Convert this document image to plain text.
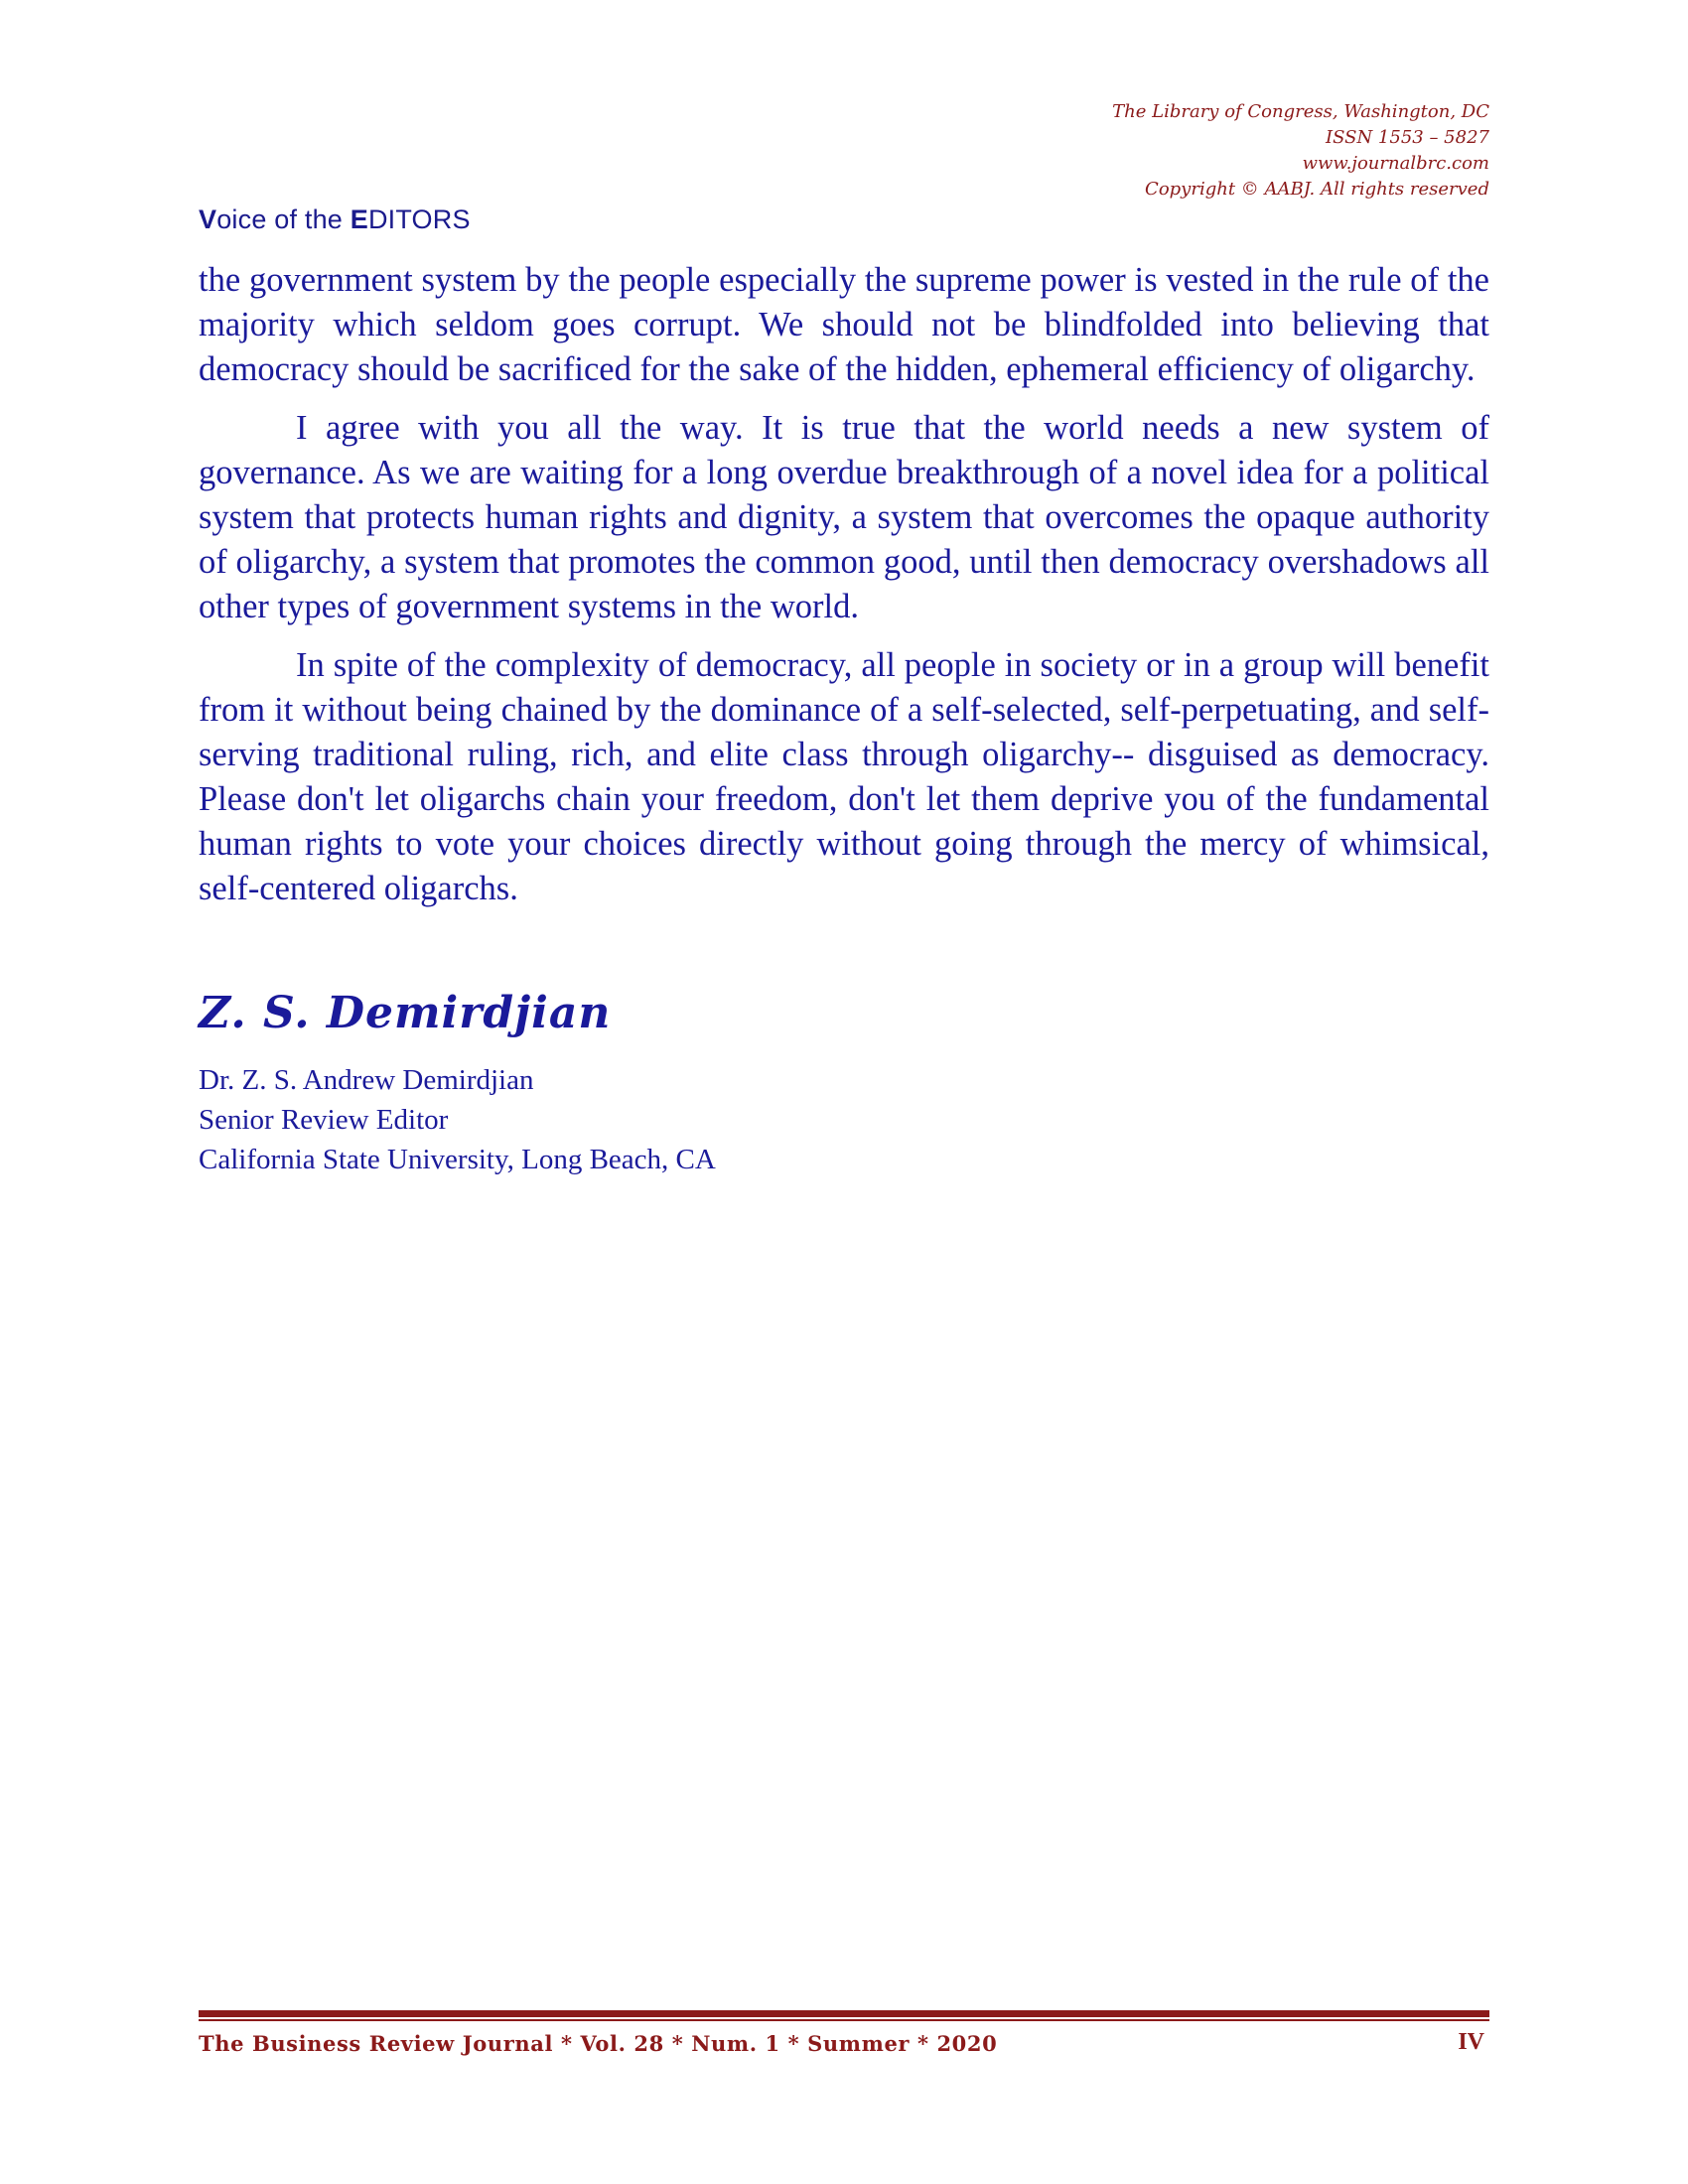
The Library of Congress, Washington, DC
ISSN 1553 – 5827
www.journalbrc.com
Copyright © AABJ. All rights reserved
Voice of the EDITORS

the government system by the people especially the supreme power is vested in the rule of the majority which seldom goes corrupt. We should not be blindfolded into believing that democracy should be sacrificed for the sake of the hidden, ephemeral efficiency of oligarchy.

I agree with you all the way. It is true that the world needs a new system of governance. As we are waiting for a long overdue breakthrough of a novel idea for a political system that protects human rights and dignity, a system that overcomes the opaque authority of oligarchy, a system that promotes the common good, until then democracy overshadows all other types of government systems in the world.

In spite of the complexity of democracy, all people in society or in a group will benefit from it without being chained by the dominance of a self-selected, self-perpetuating, and self-serving traditional ruling, rich, and elite class through oligarchy-- disguised as democracy. Please don't let oligarchs chain your freedom, don't let them deprive you of the fundamental human rights to vote your choices directly without going through the mercy of whimsical, self-centered oligarchs.

Z. S. Demirdjian
Dr. Z. S. Andrew Demirdjian
Senior Review Editor
California State University, Long Beach, CA
The Business Review Journal * Vol. 28 * Num. 1 * Summer * 2020	IV
